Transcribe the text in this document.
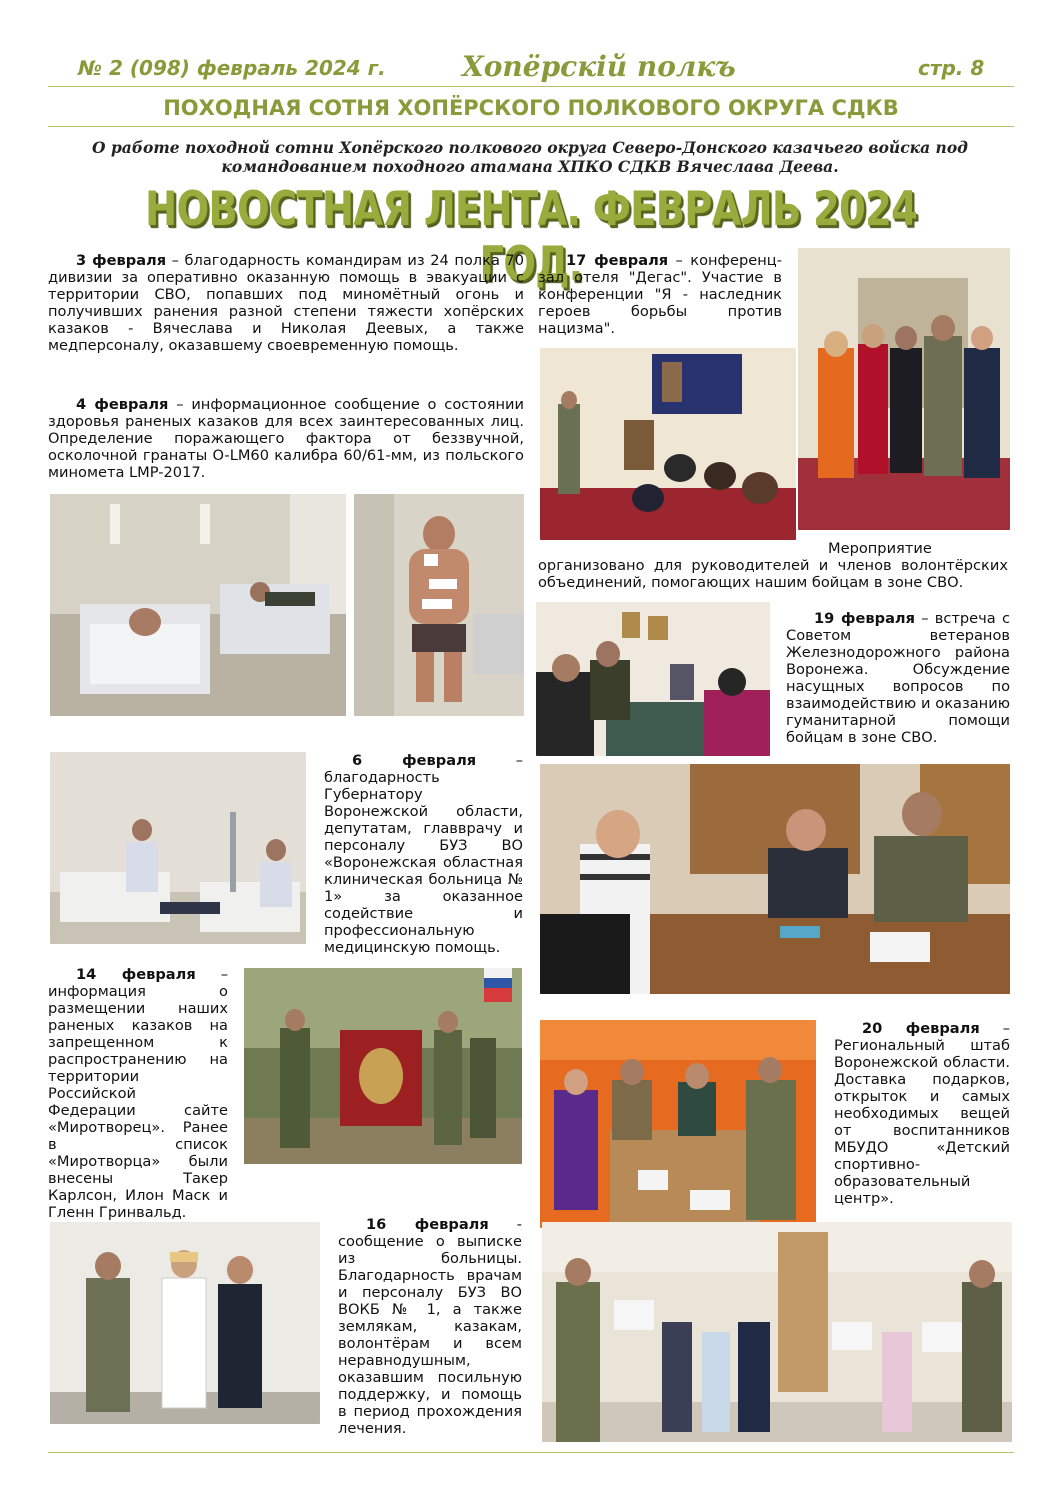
№ 2 (098) февраль 2024 г.	Хопёрскiй полкъ	стр. 8
ПОХОДНАЯ СОТНЯ ХОПЁРСКОГО ПОЛКОВОГО ОКРУГА СДКВ
О работе походной сотни Хопёрского полкового округа Северо-Донского казачьего войска под командованием походного атамана ХПКО СДКВ Вячеслава Деева.
НОВОСТНАЯ ЛЕНТА. ФЕВРАЛЬ 2024 ГОД.
3 февраля – благодарность командирам из 24 полка 70 дивизии за оперативно оказанную помощь в эвакуации с территории СВО, попавших под миномётный огонь и получивших ранения разной степени тяжести хопёрских казаков - Вячеслава и Николая Деевых, а также медперсоналу, оказавшему своевременную помощь.
4 февраля – информационное сообщение о состоянии здоровья раненых казаков для всех заинтересованных лиц. Определение поражающего фактора от беззвучной, осколочной гранаты O-LM60 калибра 60/61-мм, из польского миномета LMP-2017.
6 февраля – благодарность Губернатору Воронежской области, депутатам, главврачу и персоналу БУЗ ВО «Воронежская областная клиническая больница № 1» за оказанное содействие и профессиональную медицинскую помощь.
14 февраля –информация о размещении наших раненых казаков на запрещенном к распространению на территории Российской Федерации сайте «Миротворец». Ранее в список «Миротворца» были внесены Такер Карлсон, Илон Маск и Гленн Гринвальд.
16 февраля - сообщение о выписке из больницы. Благодарность врачам и персоналу БУЗ ВО ВОКБ № 1, а также землякам, казакам, волонтёрам и всем неравнодушным, оказавшим посильную поддержку, и помощь в период прохождения лечения.
17 февраля – конференц-зал отеля "Дегас". Участие в конференции "Я - наследник героев борьбы против нацизма".
Мероприятие организовано для руководителей и членов волонтёрских объединений, помогающих нашим бойцам в зоне СВО.
19 февраля – встреча с Советом ветеранов Железнодорожного района Воронежа. Обсуждение насущных вопросов по взаимодействию и оказанию гуманитарной помощи бойцам в зоне СВО.
20 февраля – Региональный штаб Воронежской области. Доставка подарков, открыток и самых необходимых вещей от воспитанников МБУДО «Детский спортивно-образовательный центр».
